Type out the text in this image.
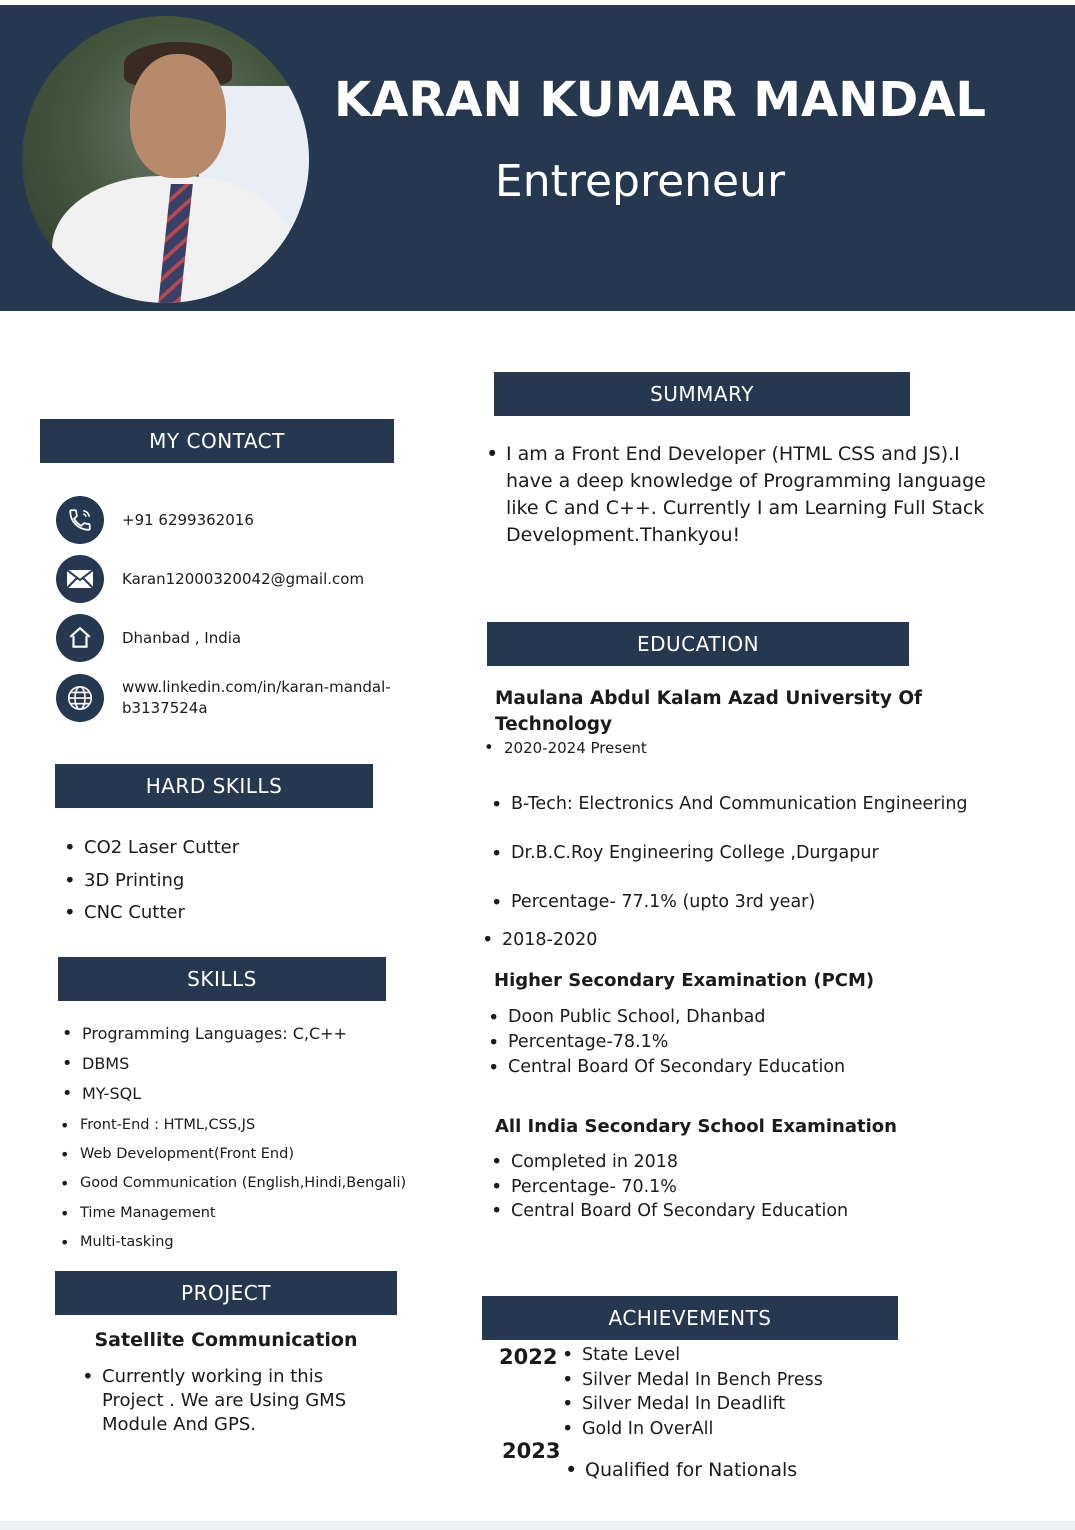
KARAN KUMAR MANDAL
Entrepreneur
MY CONTACT
+91 6299362016
Karan12000320042@gmail.com
Dhanbad , India
www.linkedin.com/in/karan-mandal-
b3137524a
HARD SKILLS
• CO2 Laser Cutter
• 3D Printing
• CNC Cutter
SKILLS
• Programming Languages: C,C++
• DBMS
• MY-SQL
• Front-End : HTML,CSS,JS
• Web Development(Front End)
• Good Communication (English,Hindi,Bengali)
• Time Management
• Multi-tasking
PROJECT
Satellite Communication
• Currently working in this
Project . We are Using GMS
Module And GPS.
SUMMARY
• I am a Front End Developer (HTML CSS and JS).I
have a deep knowledge of Programming language
like C and C++. Currently I am Learning Full Stack
Development.Thankyou!
EDUCATION
Maulana Abdul Kalam Azad University Of
Technology
• 2020-2024 Present
• B-Tech: Electronics And Communication Engineering
• Dr.B.C.Roy Engineering College ,Durgapur
• Percentage- 77.1% (upto 3rd year)
• 2018-2020
Higher Secondary Examination (PCM)
• Doon Public School, Dhanbad
• Percentage-78.1%
• Central Board Of Secondary Education
All India Secondary School Examination
• Completed in 2018
• Percentage- 70.1%
• Central Board Of Secondary Education
ACHIEVEMENTS
2022
•	State Level
• Silver Medal In Bench Press
• Silver Medal In Deadlift
• Gold In OverAll
2023
• Qualified for Nationals
